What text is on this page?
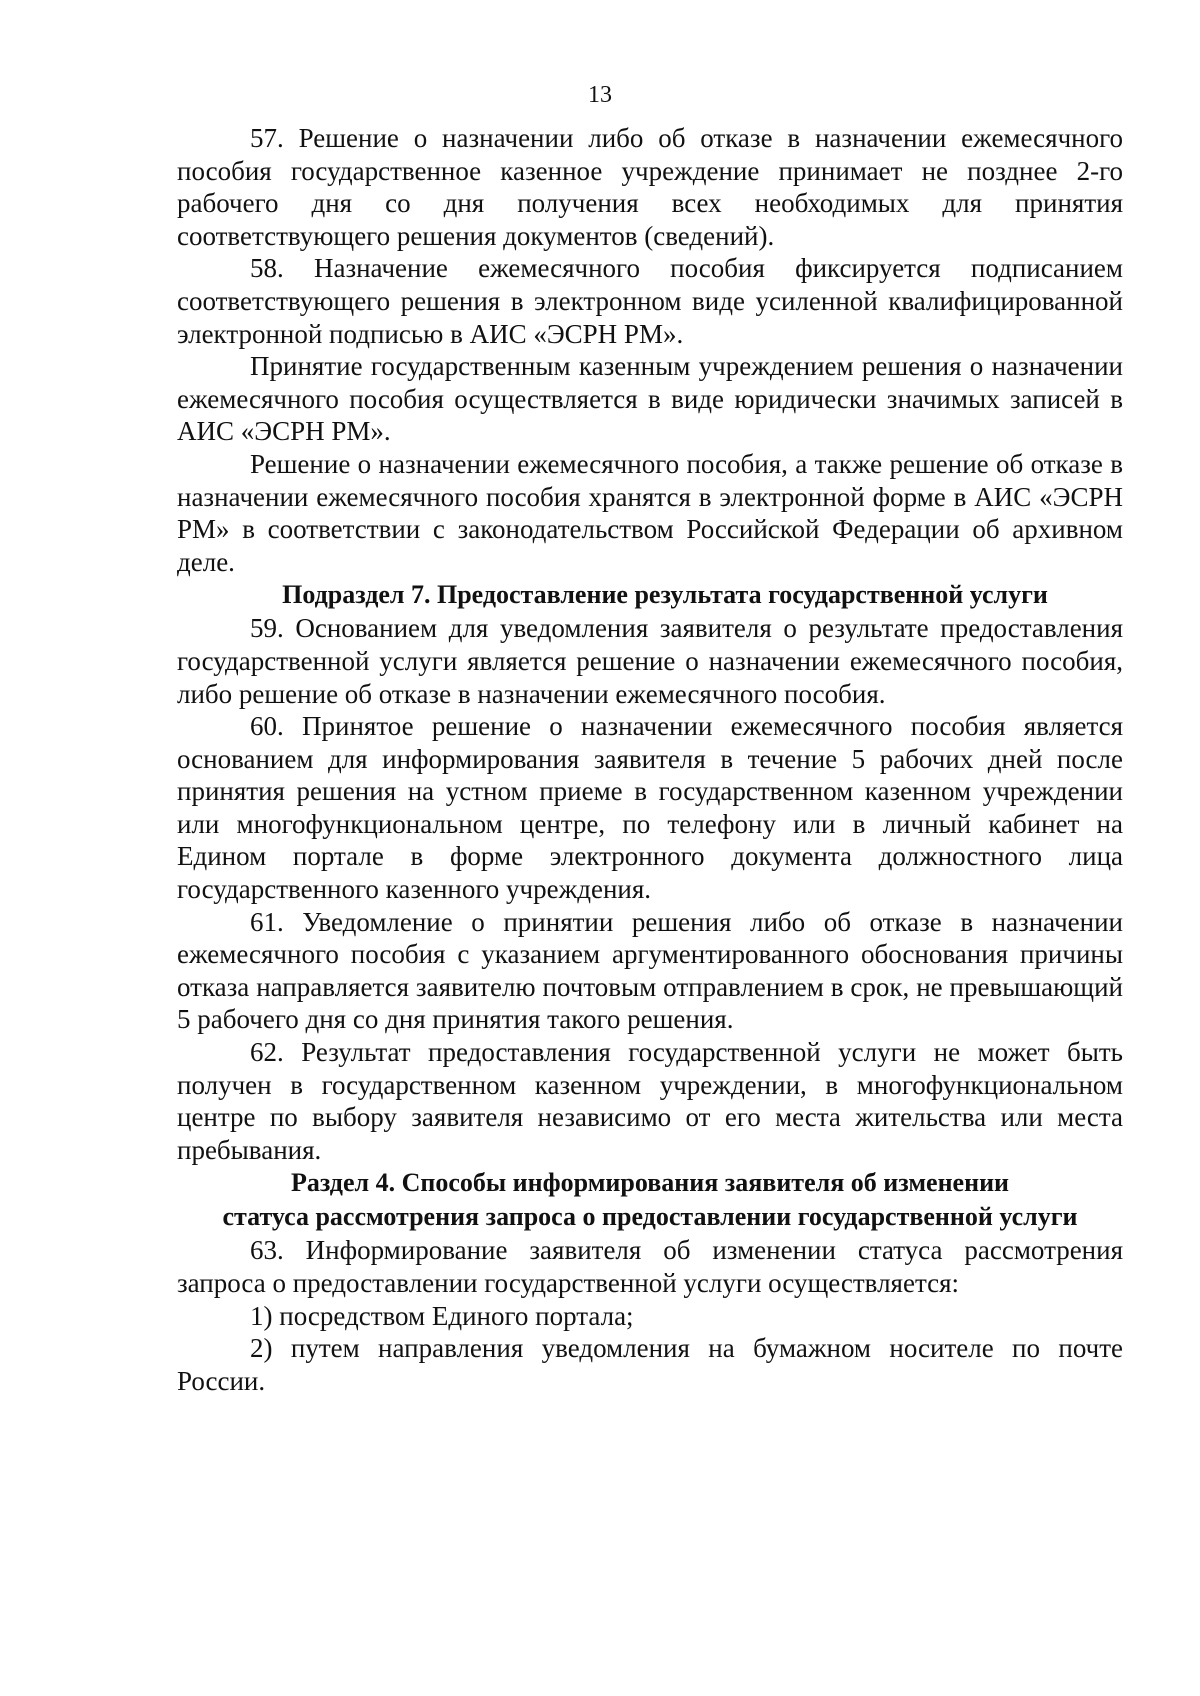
13

57. Решение о назначении либо об отказе в назначении ежемесячного пособия государственное казенное учреждение принимает не позднее 2-го рабочего дня со дня получения всех необходимых для принятия соответствующего решения документов (сведений).

58. Назначение ежемесячного пособия фиксируется подписанием соответствующего решения в электронном виде усиленной квалифицированной электронной подписью в АИС «ЭСРН РМ».

Принятие государственным казенным учреждением решения о назначении ежемесячного пособия осуществляется в виде юридически значимых записей в АИС «ЭСРН РМ».

Решение о назначении ежемесячного пособия, а также решение об отказе в назначении ежемесячного пособия хранятся в электронной форме в АИС «ЭСРН РМ» в соответствии с законодательством Российской Федерации об архивном деле.

Подраздел 7. Предоставление результата государственной услуги

59. Основанием для уведомления заявителя о результате предоставления государственной услуги является решение о назначении ежемесячного пособия, либо решение об отказе в назначении ежемесячного пособия.

60. Принятое решение о назначении ежемесячного пособия является основанием для информирования заявителя в течение 5 рабочих дней после принятия решения на устном приеме в государственном казенном учреждении или многофункциональном центре, по телефону или в личный кабинет на Едином портале в форме электронного документа должностного лица государственного казенного учреждения.

61. Уведомление о принятии решения либо об отказе в назначении ежемесячного пособия с указанием аргументированного обоснования причины отказа направляется заявителю почтовым отправлением в срок, не превышающий 5 рабочего дня со дня принятия такого решения.

62. Результат предоставления государственной услуги не может быть получен в государственном казенном учреждении, в многофункциональном центре по выбору заявителя независимо от его места жительства или места пребывания.

Раздел 4. Способы информирования заявителя об изменении
статуса рассмотрения запроса о предоставлении государственной услуги

63. Информирование заявителя об изменении статуса рассмотрения запроса о предоставлении государственной услуги осуществляется:

1) посредством Единого портала;

2) путем направления уведомления на бумажном носителе по почте России.
